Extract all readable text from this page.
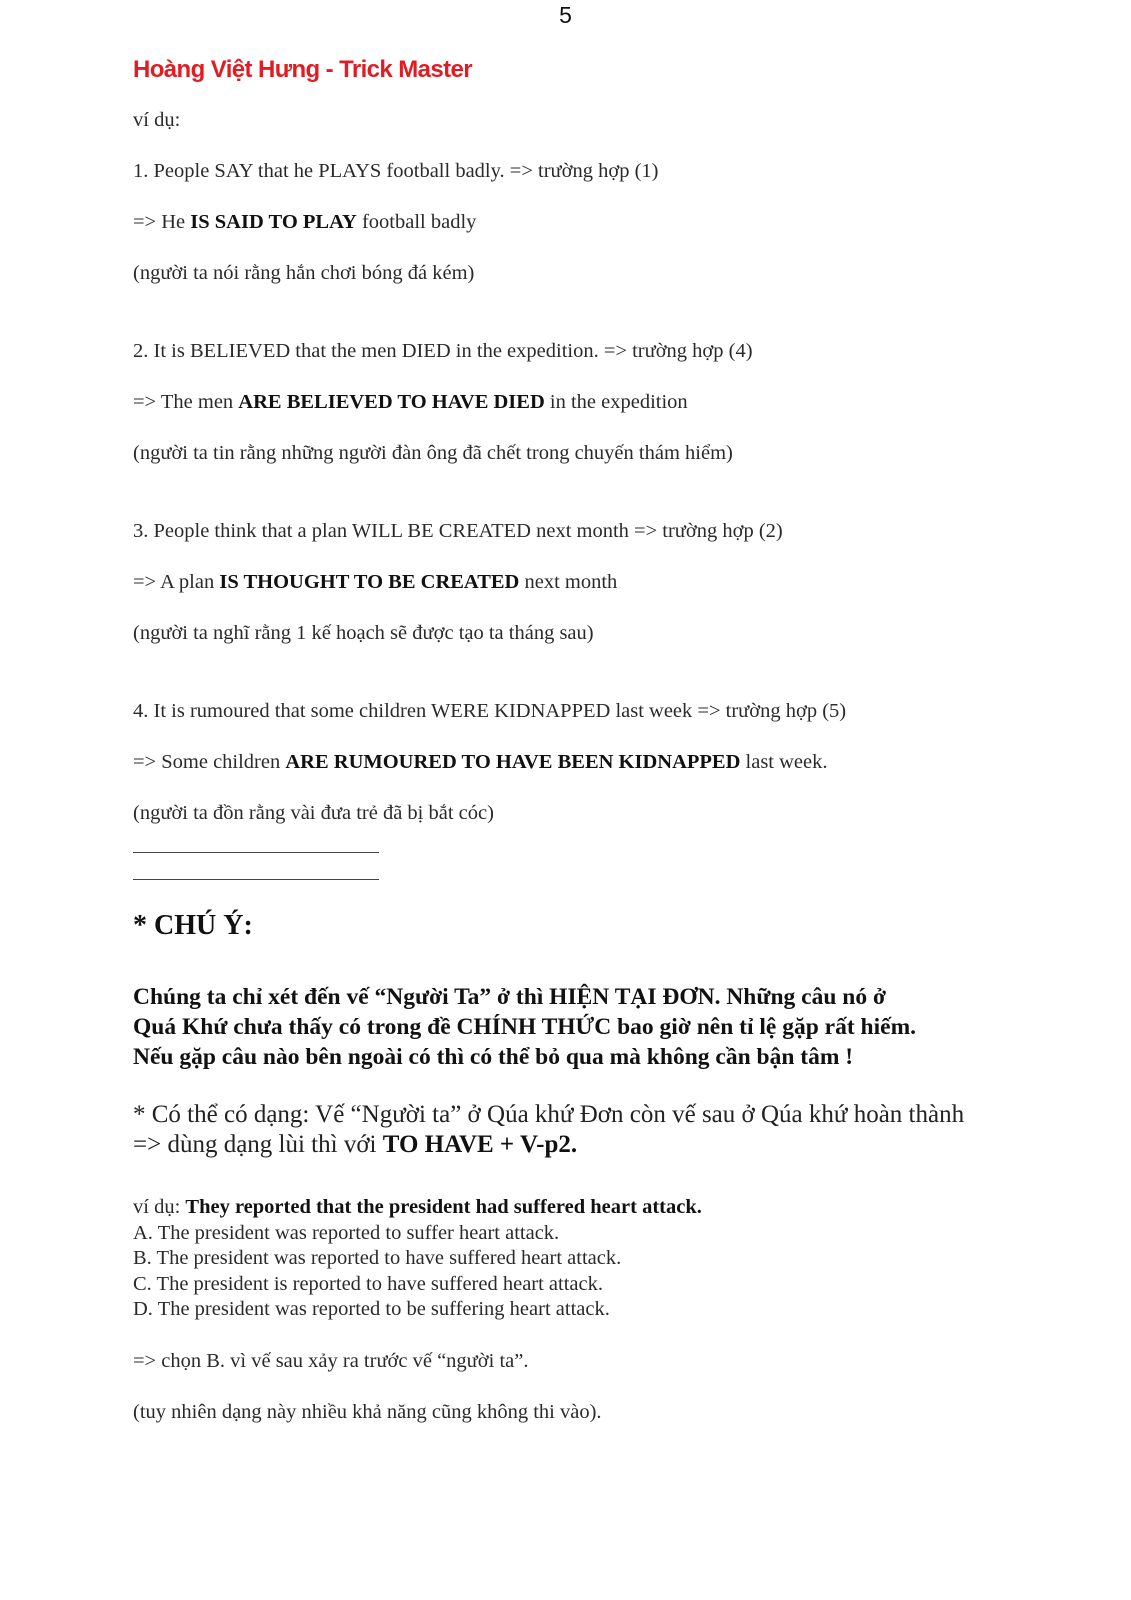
5
Hoàng Việt Hưng - Trick Master
ví dụ:
1. People SAY that he PLAYS football badly. => trường hợp (1)
=> He IS SAID TO PLAY football badly
(người ta nói rằng hắn chơi bóng đá kém)
2. It is BELIEVED that the men DIED in the expedition. => trường hợp (4)
=> The men ARE BELIEVED TO HAVE DIED in the expedition
(người ta tin rằng những người đàn ông đã chết trong chuyến thám hiểm)
3. People think that a plan WILL BE CREATED next month => trường hợp (2)
=> A plan IS THOUGHT TO BE CREATED next month
(người ta nghĩ rằng 1 kế hoạch sẽ được tạo ta tháng sau)
4. It is rumoured that some children WERE KIDNAPPED last week => trường hợp (5)
=> Some children ARE RUMOURED TO HAVE BEEN KIDNAPPED last week.
(người ta đồn rằng vài đưa trẻ đã bị bắt cóc)
* CHÚ Ý:
Chúng ta chỉ xét đến vế “Người Ta” ở thì HIỆN TẠI ĐƠN. Những câu nó ở
Quá Khứ chưa thấy có trong đề CHÍNH THỨC bao giờ nên tỉ lệ gặp rất hiếm.
Nếu gặp câu nào bên ngoài có thì có thể bỏ qua mà không cần bận tâm !
* Có thể có dạng: Vế “Người ta” ở Qúa khứ Đơn còn vế sau ở Qúa khứ hoàn thành
=> dùng dạng lùi thì với TO HAVE + V-p2.
ví dụ: They reported that the president had suffered heart attack.
A. The president was reported to suffer heart attack.
B. The president was reported to have suffered heart attack.
C. The president is reported to have suffered heart attack.
D. The president was reported to be suffering heart attack.
=> chọn B. vì vế sau xảy ra trước vế “người ta”.
(tuy nhiên dạng này nhiều khả năng cũng không thi vào).
